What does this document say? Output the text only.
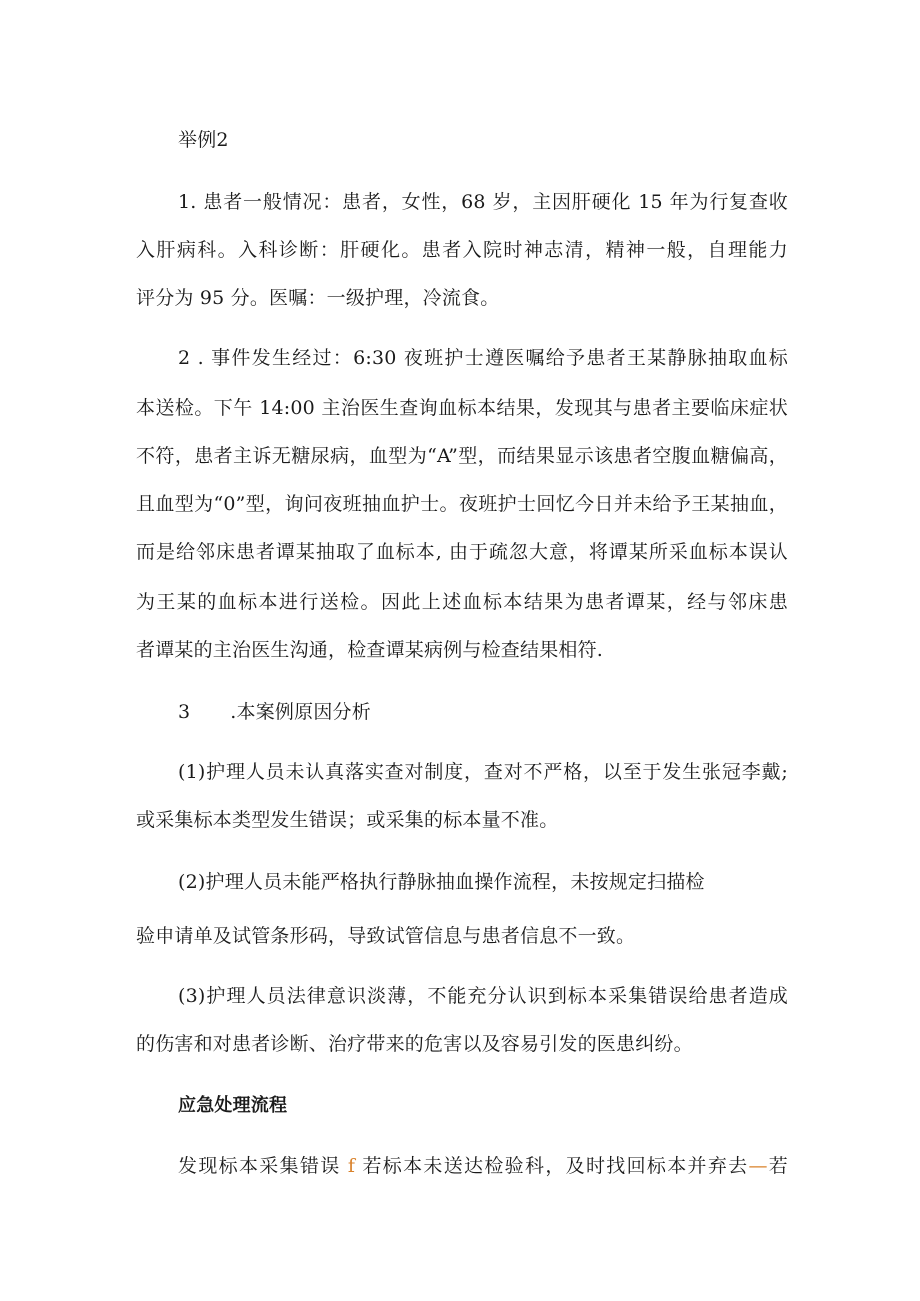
举例2
1. 患者一般情况：患者，女性，68 岁，主因肝硬化 15 年为行复查收
入肝病科。入科诊断：肝硬化。患者入院时神志清，精神一般，自理能力
评分为 95 分。医嘱：一级护理，冷流食。
2 . 事件发生经过：6:30 夜班护士遵医嘱给予患者王某静脉抽取血标
本送检。下午 14:00 主治医生查询血标本结果，发现其与患者主要临床症状
不符，患者主诉无糖尿病，血型为“A”型，而结果显示该患者空腹血糖偏高，
且血型为“0”型，询问夜班抽血护士。夜班护士回忆今日并未给予王某抽血，
而是给邻床患者谭某抽取了血标本, 由于疏忽大意，将谭某所采血标本误认
为王某的血标本进行送检。因此上述血标本结果为患者谭某，经与邻床患
者谭某的主治医生沟通，检查谭某病例与检查结果相符.
3 .本案例原因分析
(1)护理人员未认真落实查对制度，查对不严格，以至于发生张冠李戴;
或采集标本类型发生错误；或采集的标本量不准。
(2)护理人员未能严格执行静脉抽血操作流程，未按规定扫描检
验申请单及试管条形码，导致试管信息与患者信息不一致。
(3)护理人员法律意识淡薄，不能充分认识到标本采集错误给患者造成
的伤害和对患者诊断、治疗带来的危害以及容易引发的医患纠纷。
应急处理流程
发现标本采集错误 f 若标本未送达检验科，及时找回标本并弃去—若
